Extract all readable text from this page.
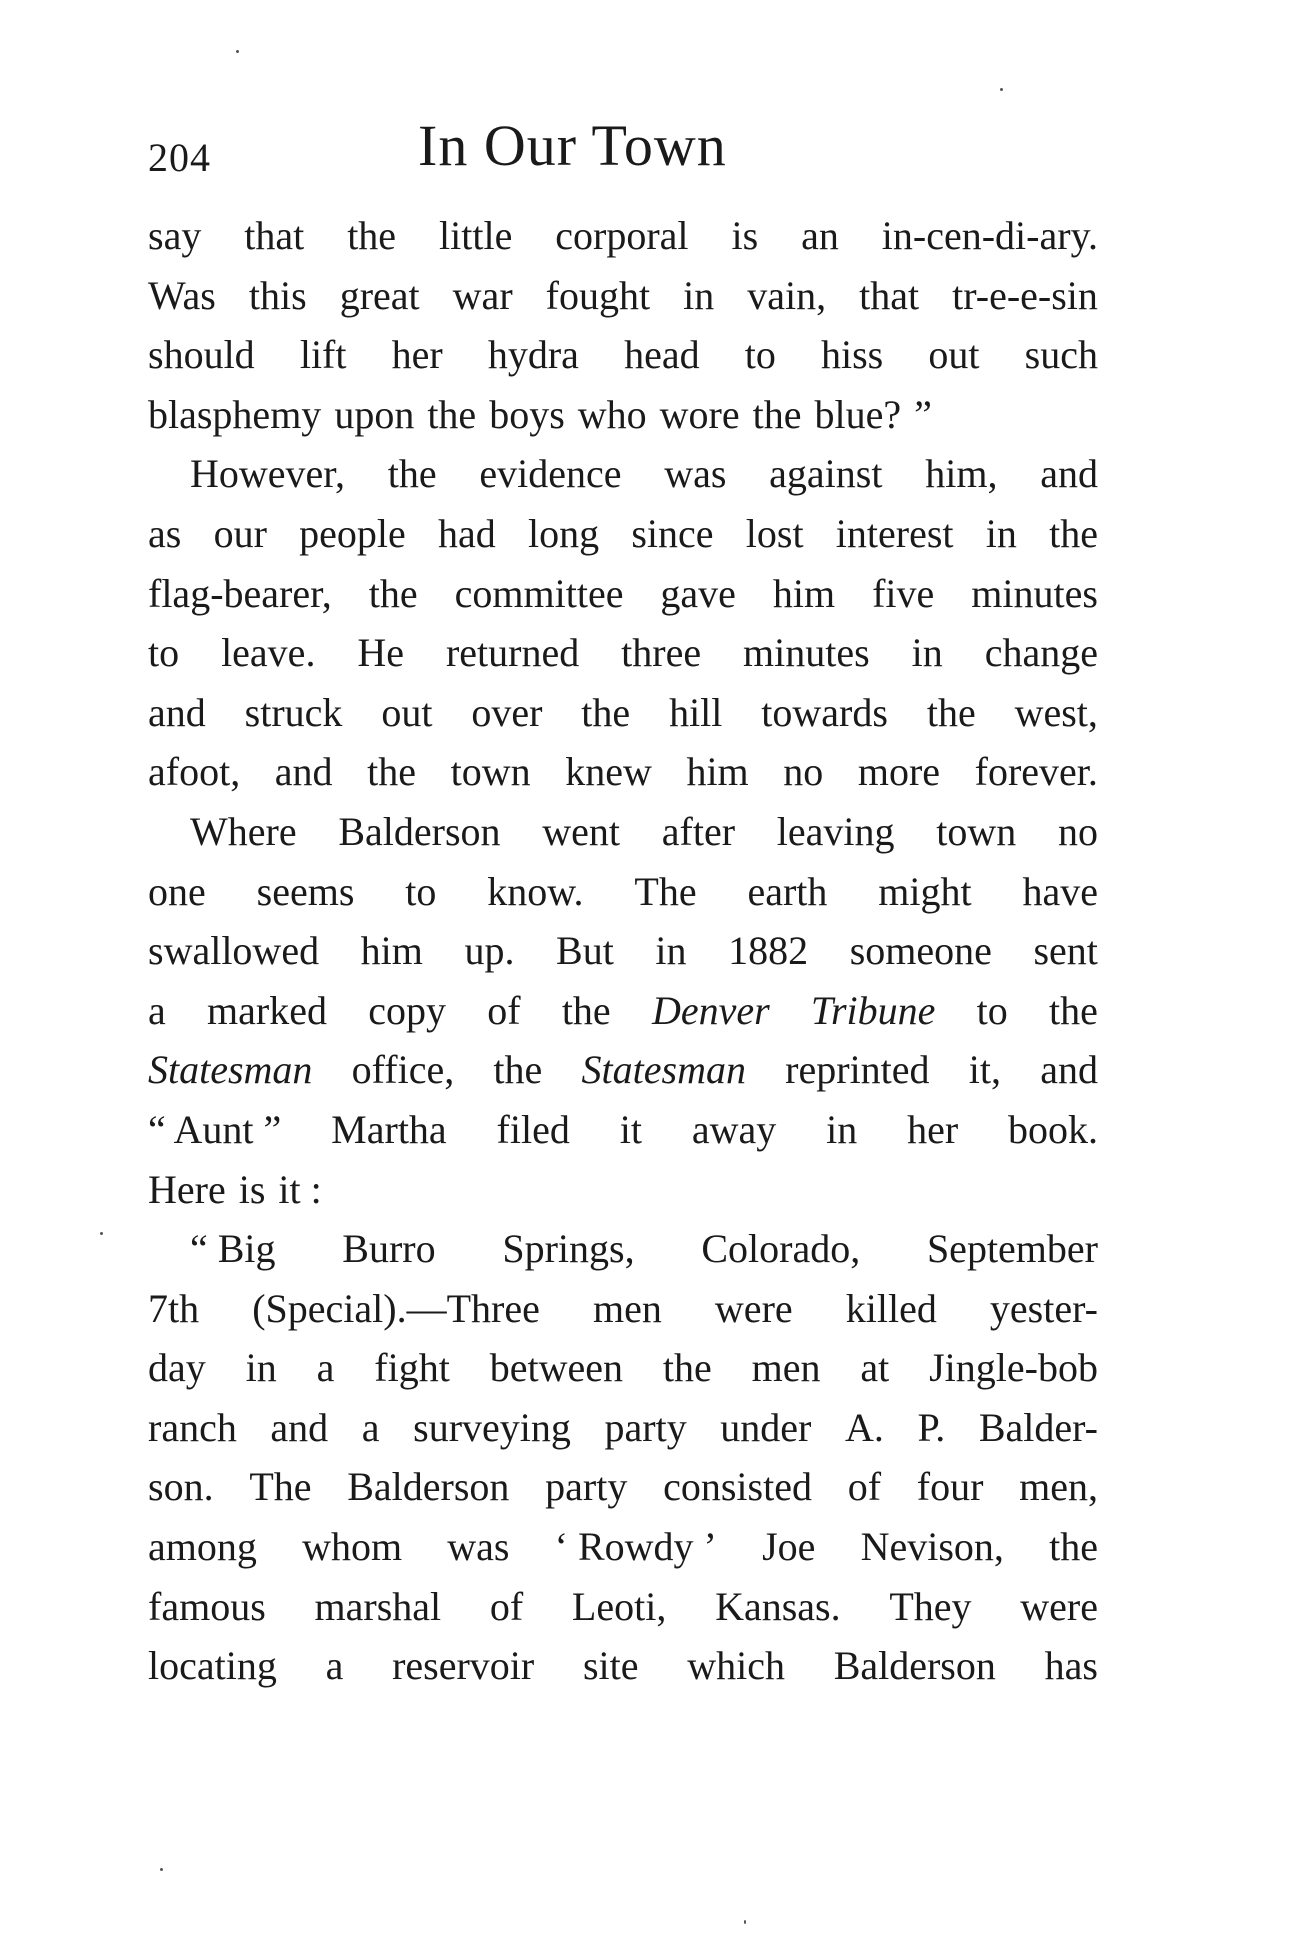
204	In Our Town
say that the little corporal is an in-cen-di-ary.
Was this great war fought in vain, that tr-e-e-sin
should lift her hydra head to hiss out such
blasphemy upon the boys who wore the blue? ”
However, the evidence was against him, and
as our people had long since lost interest in the
flag-bearer, the committee gave him five minutes
to leave. He returned three minutes in change
and struck out over the hill towards the west,
afoot, and the town knew him no more forever.
Where Balderson went after leaving town no
one seems to know. The earth might have
swallowed him up. But in 1882 someone sent
a marked copy of the Denver Tribune to the
Statesman office, the Statesman reprinted it, and
“ Aunt ” Martha filed it away in her book.
Here is it :
“ Big Burro Springs, Colorado, September
7th (Special).—Three men were killed yester-
day in a fight between the men at Jingle-bob
ranch and a surveying party under A. P. Balder-
son. The Balderson party consisted of four men,
among whom was ‘ Rowdy ’ Joe Nevison, the
famous marshal of Leoti, Kansas. They were
locating a reservoir site which Balderson has
